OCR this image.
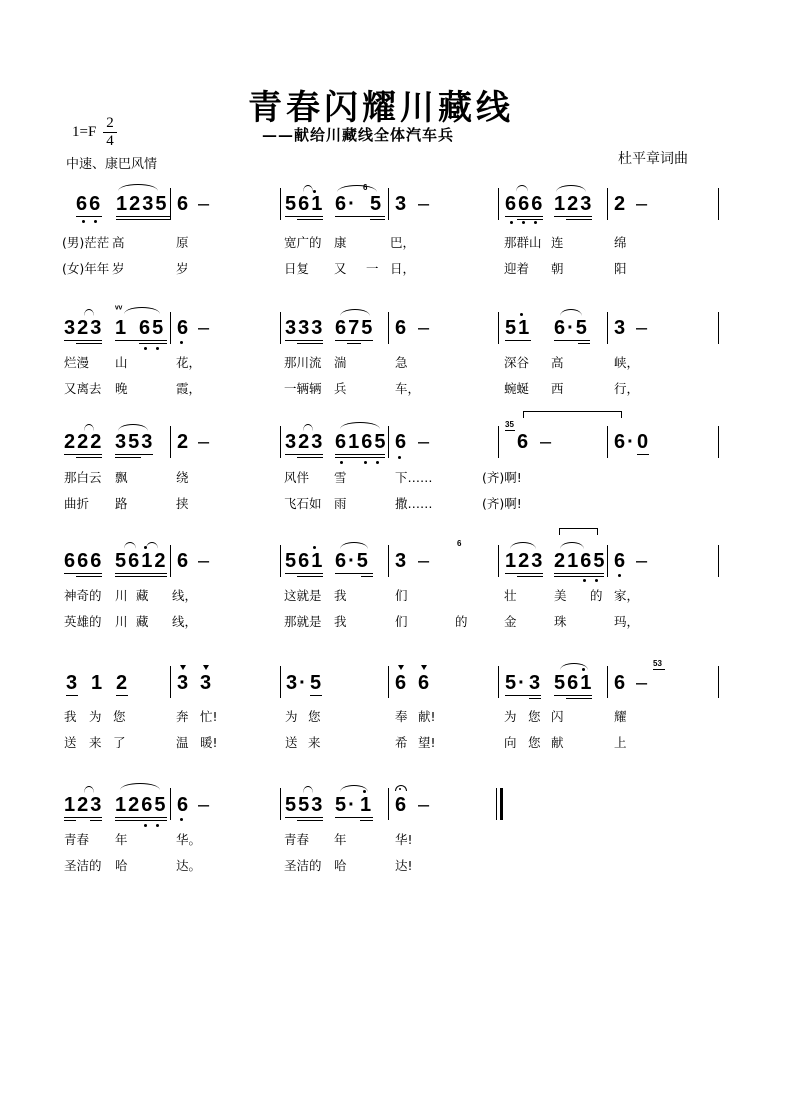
青春闪耀川藏线
——献给川藏线全体汽车兵
$1=F \frac{2}{4}$
中速、康巴风情	杜平章词曲
66 1235 6 –	561 6·
6
5 3 –	666 123 2 –
(男)茫茫 高	原	宽广的 康	巴，	那群山 连	绵
(女)年年 岁	岁	日复 又 一 日，	迎着 朝	阳
323
ᵛᵛ
1 65 6 –	333 675 6 –	51 6·5 3 –
烂漫 山	花，	那川流 湍	急	深谷 高	峡，
又离去 晚	霞，	一辆辆 兵	车，	蜿蜒 西	行，
222 353 2 –	323 6165 6 –
35
6 –	6· 0
那白云 飘	绕	风伴 雪	下……	(齐)啊!
曲折 路	挟	飞石如 雨	撒……	(齐)啊!
666 5612 6 –	561 6·5 3 –
6
123 2165 6 –
神奇的 川 藏 线，	这就是 我	们	壮	美 的 家，
英雄的 川 藏 线，	那就是 我	们	的	金	珠	玛，
3 1 2 3 3	3· 5	6 6	5· 3 561 6 –
53
我 为 您	奔 忙!	为 您	奉 献!	为 您 闪	耀
送 来 了	温 暖!	送 来	希 望!	向 您 献	上
123 1265 6 –	553 5· 1 6 –
青春 年	华。	青春 年	华!
圣洁的 哈	达。	圣洁的 哈	达!
